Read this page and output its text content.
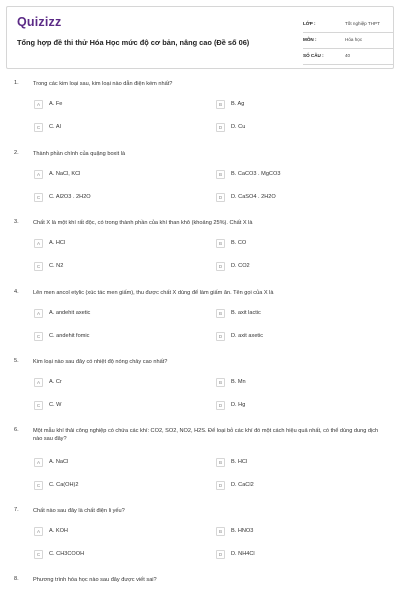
Quizizz
Tổng hợp đề thi thử Hóa Học mức độ cơ bản, nâng cao (Đề số 06)
LỚP :	Tốt nghiệp THPT
MÔN :	Hóa học
SỐ CÂU :	40
1.	Trong các kim loại sau, kim loại nào dẫn điện kém nhất?
A	A. Fe	B	B. Ag
C	C. Al	D	D. Cu
2.	Thành phần chính của quặng boxit là
A	A. NaCl, KCl	B	B. CaCO3 . MgCO3
C	C. Al2O3 . 2H2O	D	D. CaSO4 . 2H2O
3.	Chất X là một khí rất độc, có trong thành phần của khí than khô (khoảng 25%). Chất X là
A	A. HCl	B	B. CO
C	C. N2	D	D. CO2
4.	Lên men ancol etylic (xúc tác men giấm), thu được chất X dùng để làm giấm ăn. Tên gọi của X là
A	A. andehit axetic	B	B. axit lactic
C	C. andehit fomic	D	D. axit axetic
5.	Kim loại nào sau đây có nhiệt độ nóng chảy cao nhất?
A	A. Cr	B	B. Mn
C	C. W	D	D. Hg
6.	Một mẫu khí thải công nghiệp có chứa các khí: CO2, SO2, NO2, H2S. Để loại bỏ các khí đó một cách hiệu quả nhất, có thể dùng dung dịch nào sau đây?
A	A. NaCl	B	B. HCl
C	C. Ca(OH)2	D	D. CaCl2
7.	Chất nào sau đây là chất điện li yếu?
A	A. KOH	B	B. HNO3
C	C. CH3COOH	D	D. NH4Cl
8.	Phương trình hóa học nào sau đây được viết sai?
